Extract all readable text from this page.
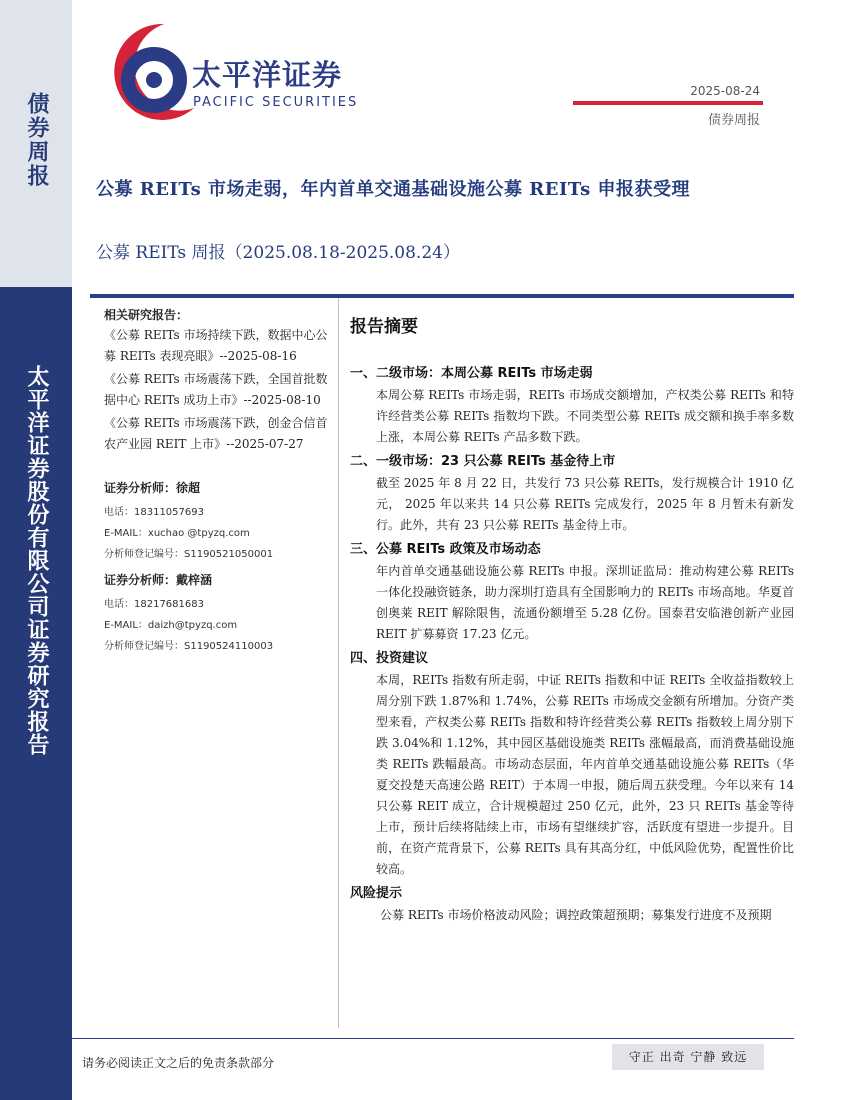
债券周报
太平洋证券股份有限公司证券研究报告
太平洋证券
PACIFIC SECURITIES
2025-08-24
债券周报
公募 REITs 市场走弱，年内首单交通基础设施公募 REITs 申报获受理
公募 REITs 周报（2025.08.18-2025.08.24）
相关研究报告：
《公募 REITs 市场持续下跌，数据中心公募 REITs 表现亮眼》--2025-08-16
《公募 REITs 市场震荡下跌，全国首批数据中心 REITs 成功上市》--2025-08-10
《公募 REITs 市场震荡下跌，创金合信首农产业园 REIT 上市》--2025-07-27
证券分析师：徐超
电话：18311057693
E-MAIL：xuchao @tpyzq.com
分析师登记编号：S1190521050001
证券分析师：戴梓涵
电话：18217681683
E-MAIL：daizh@tpyzq.com
分析师登记编号：S1190524110003
报告摘要
一、二级市场：本周公募 REITs 市场走弱
本周公募 REITs 市场走弱，REITs 市场成交额增加，产权类公募 REITs 和特许经营类公募 REITs 指数均下跌。不同类型公募 REITs 成交额和换手率多数上涨，本周公募 REITs 产品多数下跌。
二、一级市场：23 只公募 REITs 基金待上市
截至 2025 年 8 月 22 日，共发行 73 只公募 REITs，发行规模合计 1910 亿元， 2025 年以来共 14 只公募 REITs 完成发行，2025 年 8 月暂未有新发行。此外，共有 23 只公募 REITs 基金待上市。
三、公募 REITs 政策及市场动态
年内首单交通基础设施公募 REITs 申报。深圳证监局：推动构建公募 REITs 一体化投融资链条，助力深圳打造具有全国影响力的 REITs 市场高地。华夏首创奥莱 REIT 解除限售，流通份额增至 5.28 亿份。国泰君安临港创新产业园 REIT 扩募募资 17.23 亿元。
四、投资建议
本周，REITs 指数有所走弱，中证 REITs 指数和中证 REITs 全收益指数较上周分别下跌 1.87%和 1.74%，公募 REITs 市场成交金额有所增加。分资产类型来看，产权类公募 REITs 指数和特许经营类公募 REITs 指数较上周分别下跌 3.04%和 1.12%，其中园区基础设施类 REITs 涨幅最高，而消费基础设施类 REITs 跌幅最高。市场动态层面，年内首单交通基础设施公募 REITs（华夏交投楚天高速公路 REIT）于本周一申报，随后周五获受理。今年以来有 14 只公募 REIT 成立，合计规模超过 250 亿元，此外，23 只 REITs 基金等待上市，预计后续将陆续上市，市场有望继续扩容，活跃度有望进一步提升。目前，在资产荒背景下，公募 REITs 具有其高分红，中低风险优势，配置性价比较高。
风险提示
公募 REITs 市场价格波动风险；调控政策超预期；募集发行进度不及预期
请务必阅读正文之后的免责条款部分	守正 出奇 宁静 致远
